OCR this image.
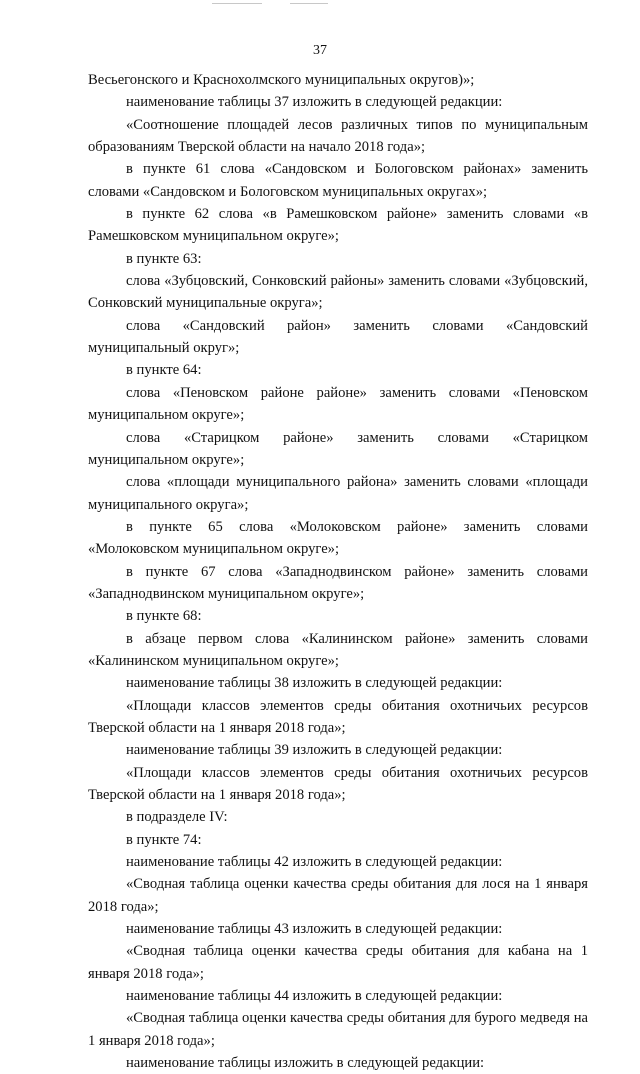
37

Весьегонского и Краснохолмского муниципальных округов)»;

наименование таблицы 37 изложить в следующей редакции:

«Соотношение площадей лесов различных типов по муниципальным образованиям Тверской области на начало 2018 года»;

в пункте 61 слова «Сандовском и Бологовском районах» заменить словами «Сандовском и Бологовском муниципальных округах»;

в пункте 62 слова «в Рамешковском районе» заменить словами «в Рамешковском муниципальном округе»;

в пункте 63:

слова «Зубцовский, Сонковский районы» заменить словами «Зубцовский, Сонковский муниципальные округа»;

слова «Сандовский район» заменить словами «Сандовский муниципальный округ»;

в пункте 64:

слова «Пеновском районе районе» заменить словами «Пеновском муниципальном округе»;

слова «Старицком районе» заменить словами «Старицком муниципальном округе»;

слова «площади муниципального района» заменить словами «площади муниципального округа»;

в пункте 65 слова «Молоковском районе» заменить словами «Молоковском муниципальном округе»;

в пункте 67 слова «Западнодвинском районе» заменить словами «Западнодвинском муниципальном округе»;

в пункте 68:

в абзаце первом слова «Калининском районе» заменить словами «Калининском муниципальном округе»;

наименование таблицы 38 изложить в следующей редакции:

«Площади классов элементов среды обитания охотничьих ресурсов Тверской области на 1 января 2018 года»;

наименование таблицы 39 изложить в следующей редакции:

«Площади классов элементов среды обитания охотничьих ресурсов Тверской области на 1 января 2018 года»;

в подразделе IV:

в пункте 74:

наименование таблицы 42 изложить в следующей редакции:

«Сводная таблица оценки качества среды обитания для лося на 1 января 2018 года»;

наименование таблицы 43 изложить в следующей редакции:

«Сводная таблица оценки качества среды обитания для кабана на 1 января 2018 года»;

наименование таблицы 44 изложить в следующей редакции:

«Сводная таблица оценки качества среды обитания для бурого медведя на 1 января 2018 года»;

наименование таблицы изложить в следующей редакции:
